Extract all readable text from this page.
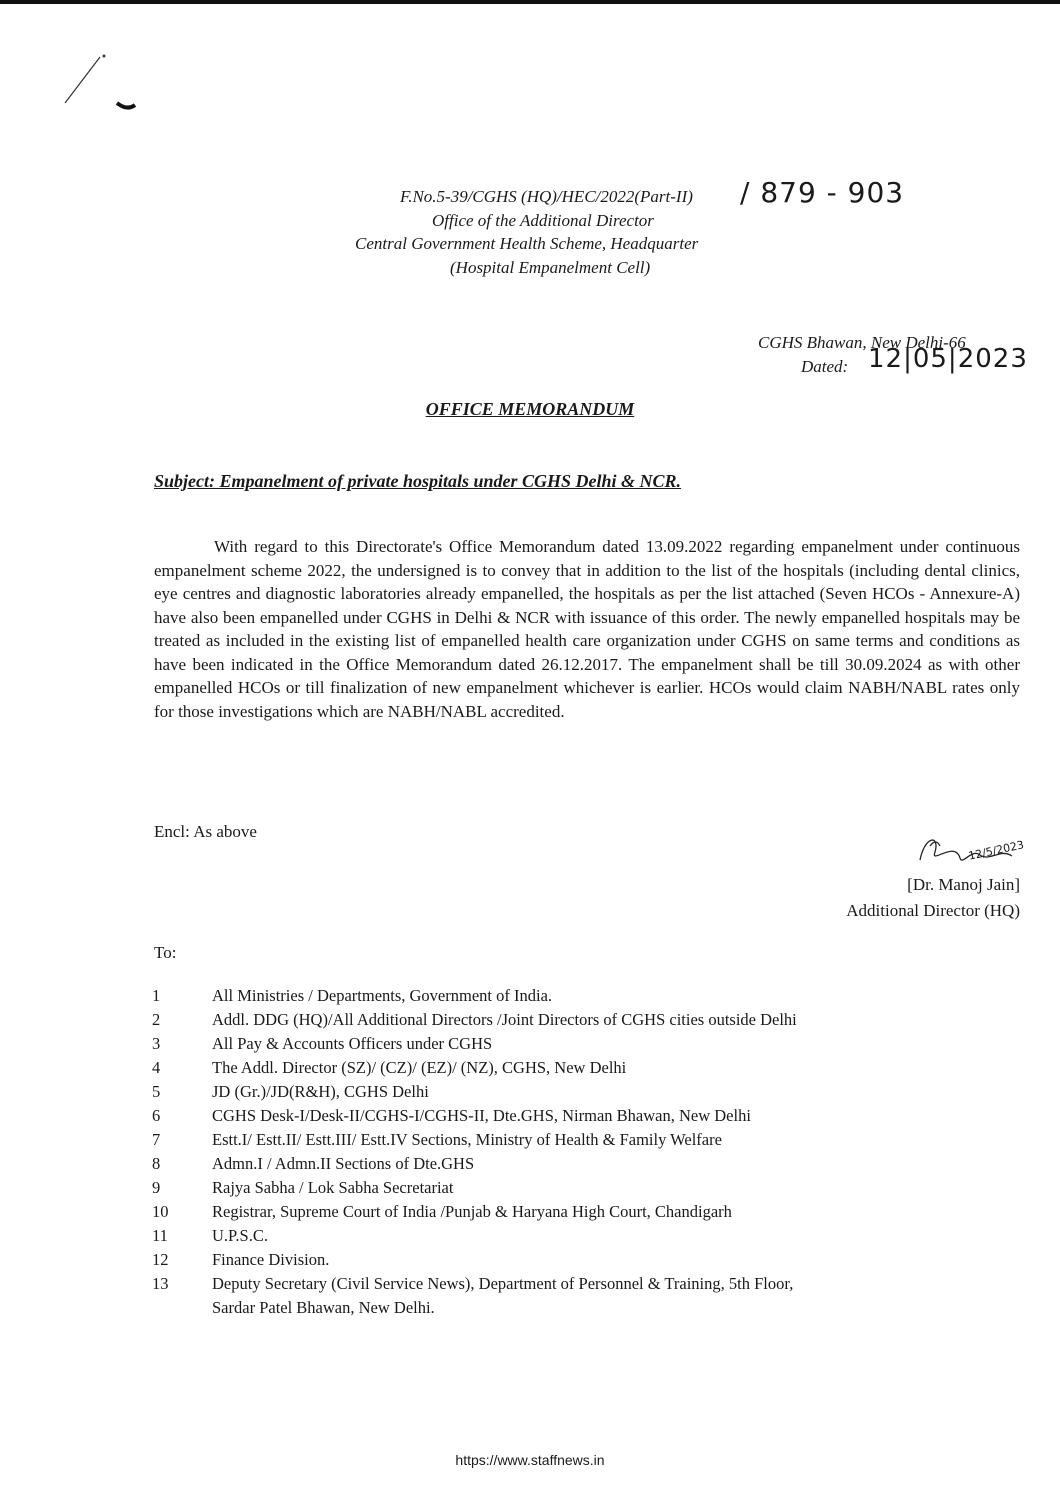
F.No.5-39/CGHS (HQ)/HEC/2022(Part-II) / 879 - 903
Office of the Additional Director
Central Government Health Scheme, Headquarter
(Hospital Empanelment Cell)
CGHS Bhawan, New Delhi-66
Dated: 12|05|2023
OFFICE MEMORANDUM
Subject: Empanelment of private hospitals under CGHS Delhi & NCR.
With regard to this Directorate's Office Memorandum dated 13.09.2022 regarding empanelment under continuous empanelment scheme 2022, the undersigned is to convey that in addition to the list of the hospitals (including dental clinics, eye centres and diagnostic laboratories already empanelled, the hospitals as per the list attached (Seven HCOs - Annexure-A) have also been empanelled under CGHS in Delhi & NCR with issuance of this order. The newly empanelled hospitals may be treated as included in the existing list of empanelled health care organization under CGHS on same terms and conditions as have been indicated in the Office Memorandum dated 26.12.2017. The empanelment shall be till 30.09.2024 as with other empanelled HCOs or till finalization of new empanelment whichever is earlier. HCOs would claim NABH/NABL rates only for those investigations which are NABH/NABL accredited.
Encl: As above
12/5/2023
[Dr. Manoj Jain]
Additional Director (HQ)
To:
1	All Ministries / Departments, Government of India.
2	Addl. DDG (HQ)/All Additional Directors /Joint Directors of CGHS cities outside Delhi
3	All Pay & Accounts Officers under CGHS
4	The Addl. Director (SZ)/ (CZ)/ (EZ)/ (NZ), CGHS, New Delhi
5	JD (Gr.)/JD(R&H), CGHS Delhi
6	CGHS Desk-I/Desk-II/CGHS-I/CGHS-II, Dte.GHS, Nirman Bhawan, New Delhi
7	Estt.I/ Estt.II/ Estt.III/ Estt.IV Sections, Ministry of Health & Family Welfare
8	Admn.I / Admn.II Sections of Dte.GHS
9	Rajya Sabha / Lok Sabha Secretariat
10	Registrar, Supreme Court of India /Punjab & Haryana High Court, Chandigarh
11	U.P.S.C.
12	Finance Division.
13	Deputy Secretary (Civil Service News), Department of Personnel & Training, 5th Floor, Sardar Patel Bhawan, New Delhi.
https://www.staffnews.in
